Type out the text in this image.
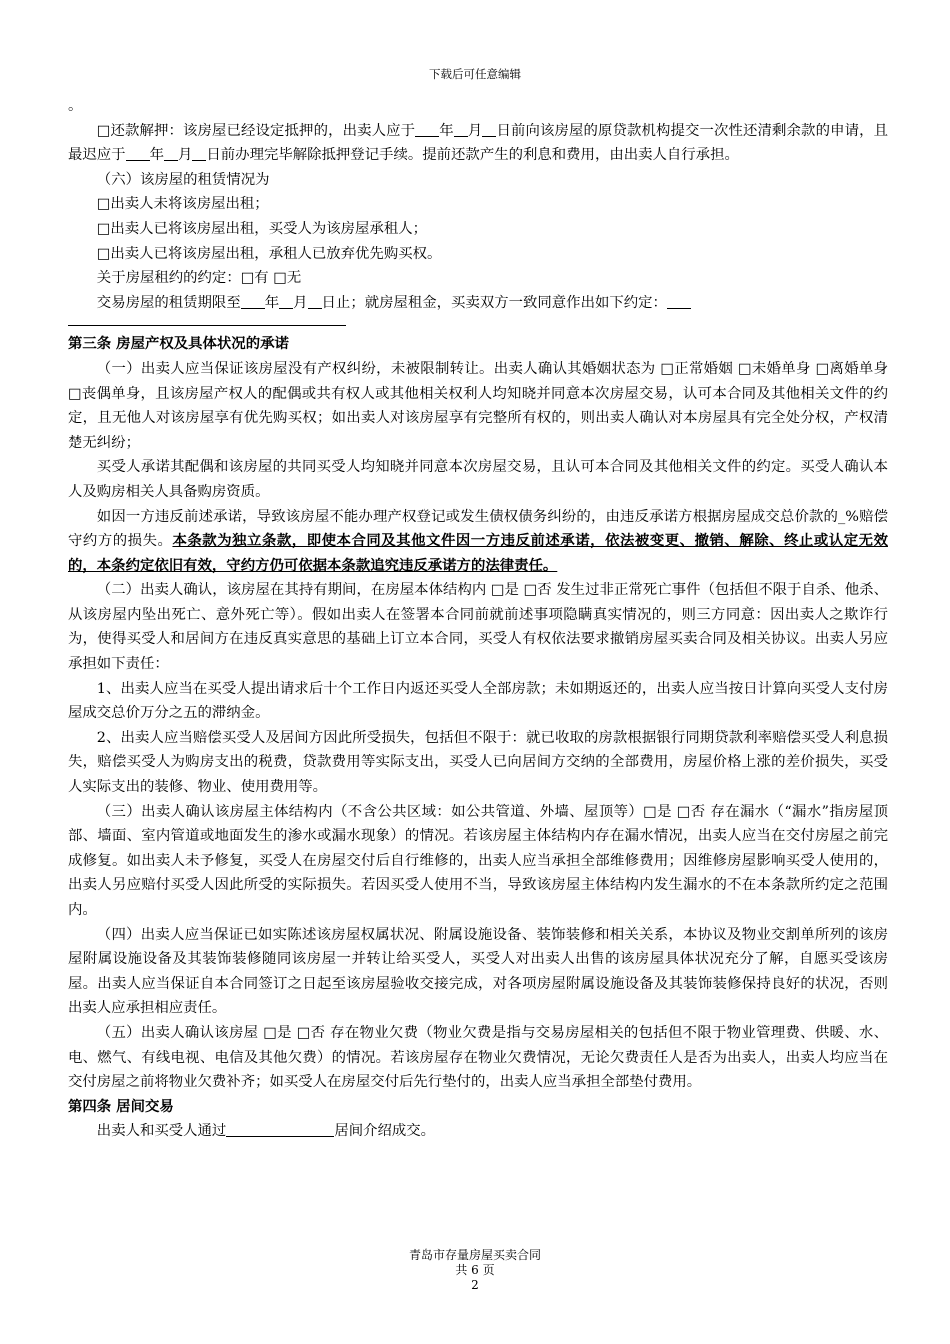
下载后可任意编辑

。

□还款解押：该房屋已经设定抵押的，出卖人应于 年 月 日前向该房屋的原贷款机构提交一次性还清剩余款的申请，且最迟应于 年 月 日前办理完毕解除抵押登记手续。提前还款产生的利息和费用，由出卖人自行承担。

（六）该房屋的租赁情况为

□出卖人未将该房屋出租；

□出卖人已将该房屋出租，买受人为该房屋承租人；

□出卖人已将该房屋出租，承租人已放弃优先购买权。

关于房屋租约的约定：□有 □无

交易房屋的租赁期限至 年 月 日止；就房屋租金，买卖双方一致同意作出如下约定：

第三条 房屋产权及具体状况的承诺

（一）出卖人应当保证该房屋没有产权纠纷，未被限制转让。出卖人确认其婚姻状态为 □正常婚姻 □未婚单身 □离婚单身 □丧偶单身，且该房屋产权人的配偶或共有权人或其他相关权利人均知晓并同意本次房屋交易，认可本合同及其他相关文件的约定，且无他人对该房屋享有优先购买权；如出卖人对该房屋享有完整所有权的，则出卖人确认对本房屋具有完全处分权，产权清楚无纠纷；

买受人承诺其配偶和该房屋的共同买受人均知晓并同意本次房屋交易，且认可本合同及其他相关文件的约定。买受人确认本人及购房相关人具备购房资质。

如因一方违反前述承诺，导致该房屋不能办理产权登记或发生债权债务纠纷的，由违反承诺方根据房屋成交总价款的_%赔偿守约方的损失。本条款为独立条款，即使本合同及其他文件因一方违反前述承诺，依法被变更、撤销、解除、终止或认定无效的，本条约定依旧有效，守约方仍可依据本条款追究违反承诺方的法律责任。

（二）出卖人确认，该房屋在其持有期间，在房屋本体结构内 □是 □否 发生过非正常死亡事件（包括但不限于自杀、他杀、从该房屋内坠出死亡、意外死亡等）。假如出卖人在签署本合同前就前述事项隐瞒真实情况的，则三方同意：因出卖人之欺诈行为，使得买受人和居间方在违反真实意思的基础上订立本合同，买受人有权依法要求撤销房屋买卖合同及相关协议。出卖人另应承担如下责任：

1、出卖人应当在买受人提出请求后十个工作日内返还买受人全部房款；未如期返还的，出卖人应当按日计算向买受人支付房屋成交总价万分之五的滞纳金。

2、出卖人应当赔偿买受人及居间方因此所受损失，包括但不限于：就已收取的房款根据银行同期贷款利率赔偿买受人利息损失，赔偿买受人为购房支出的税费，贷款费用等实际支出，买受人已向居间方交纳的全部费用，房屋价格上涨的差价损失，买受人实际支出的装修、物业、使用费用等。

（三）出卖人确认该房屋主体结构内（不含公共区域：如公共管道、外墙、屋顶等）□是 □否 存在漏水（“漏水”指房屋顶部、墙面、室内管道或地面发生的渗水或漏水现象）的情况。若该房屋主体结构内存在漏水情况，出卖人应当在交付房屋之前完成修复。如出卖人未予修复，买受人在房屋交付后自行维修的，出卖人应当承担全部维修费用；因维修房屋影响买受人使用的，出卖人另应赔付买受人因此所受的实际损失。若因买受人使用不当，导致该房屋主体结构内发生漏水的不在本条款所约定之范围内。

（四）出卖人应当保证已如实陈述该房屋权属状况、附属设施设备、装饰装修和相关关系，本协议及物业交割单所列的该房屋附属设施设备及其装饰装修随同该房屋一并转让给买受人，买受人对出卖人出售的该房屋具体状况充分了解，自愿买受该房屋。出卖人应当保证自本合同签订之日起至该房屋验收交接完成，对各项房屋附属设施设备及其装饰装修保持良好的状况，否则出卖人应承担相应责任。

（五）出卖人确认该房屋 □是 □否 存在物业欠费（物业欠费是指与交易房屋相关的包括但不限于物业管理费、供暖、水、电、燃气、有线电视、电信及其他欠费）的情况。若该房屋存在物业欠费情况，无论欠费责任人是否为出卖人，出卖人均应当在交付房屋之前将物业欠费补齐；如买受人在房屋交付后先行垫付的，出卖人应当承担全部垫付费用。

第四条 居间交易

出卖人和买受人通过	居间介绍成交。

青岛市存量房屋买卖合同
共 6 页
2
